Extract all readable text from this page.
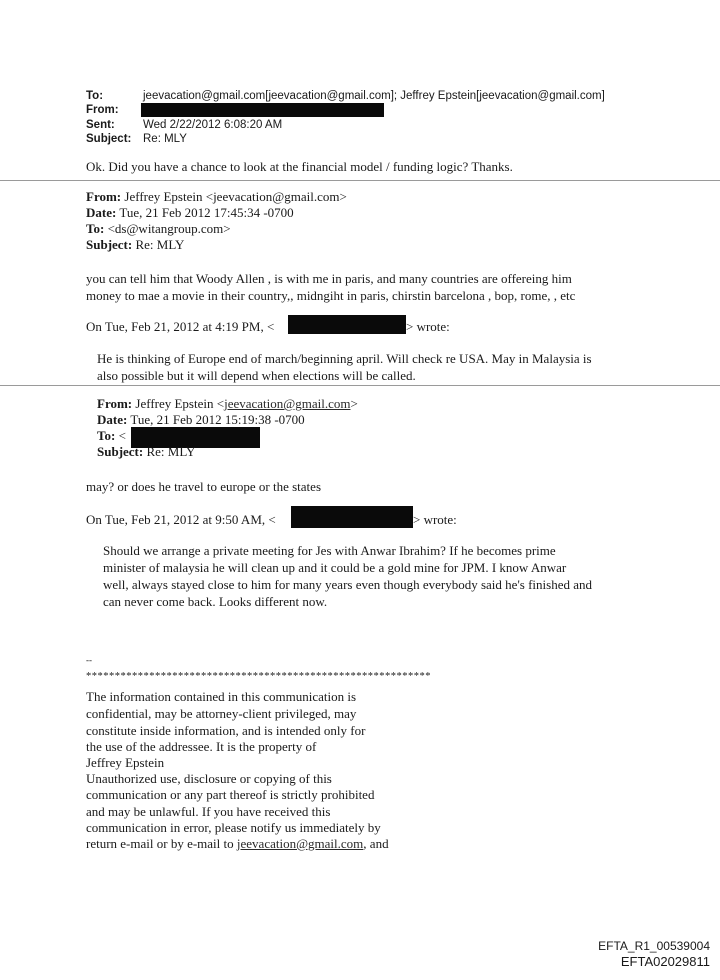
To:	jeevacation@gmail.com[jeevacation@gmail.com]; Jeffrey Epstein[jeevacation@gmail.com]
From:
Sent: Wed 2/22/2012 6:08:20 AM
Subject: Re: MLY
Ok. Did you have a chance to look at the financial model / funding logic? Thanks.
From: Jeffrey Epstein <jeevacation@gmail.com>
Date: Tue, 21 Feb 2012 17:45:34 -0700
To: <ds@witangroup.com>
Subject: Re: MLY
you can tell him that Woody Allen , is with me in paris, and many countries are offereing him
money to mae a movie in their country,, midngiht in paris, chirstin barcelona , bop, rome, , etc
On Tue, Feb 21, 2012 at 4:19 PM, <	> wrote:
He is thinking of Europe end of march/beginning april. Will check re USA. May in Malaysia is
also possible but it will depend when elections will be called.
From: Jeffrey Epstein <jeevacation@gmail.com>
Date: Tue, 21 Feb 2012 15:19:38 -0700
To: <
Subject: Re: MLY
may? or does he travel to europe or the states
On Tue, Feb 21, 2012 at 9:50 AM, <	> wrote:
Should we arrange a private meeting for Jes with Anwar Ibrahim? If he becomes prime
minister of malaysia he will clean up and it could be a gold mine for JPM. I know Anwar
well, always stayed close to him for many years even though everybody said he's finished and
can never come back. Looks different now.
--
************************************************************
The information contained in this communication is
confidential, may be attorney-client privileged, may
constitute inside information, and is intended only for
the use of the addressee. It is the property of
Jeffrey Epstein
Unauthorized use, disclosure or copying of this
communication or any part thereof is strictly prohibited
and may be unlawful. If you have received this
communication in error, please notify us immediately by
return e-mail or by e-mail to jeevacation@gmail.com, and
EFTA_R1_00539004
EFTA02029811
